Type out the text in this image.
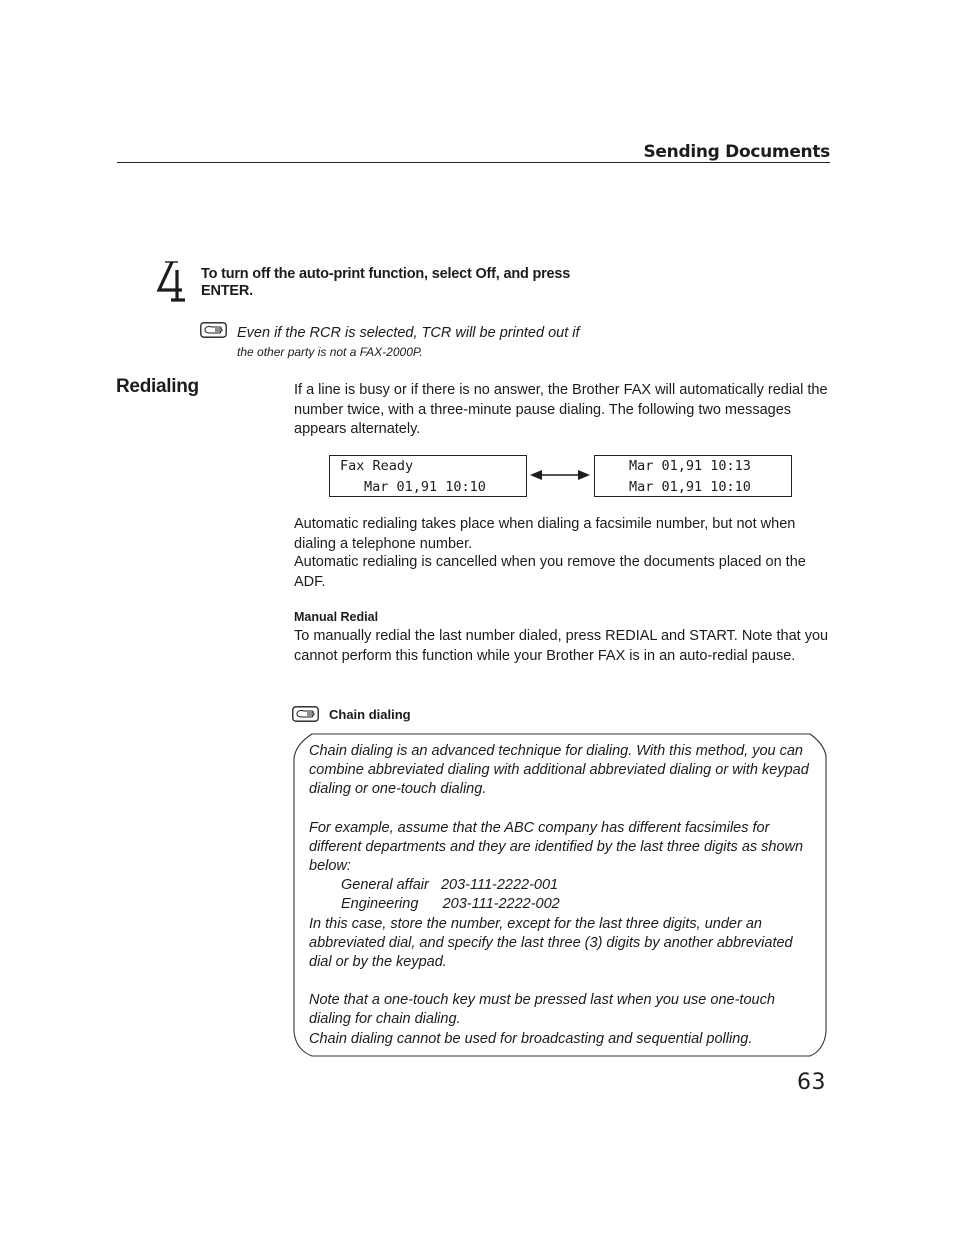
Sending Documents
To turn off the auto-print function, select Off, and press ENTER.
Even if the RCR is selected, TCR will be printed out if
the other party is not a FAX-2000P.
Redialing	If a line is busy or if there is no answer, the Brother FAX will automatically redial the number twice, with a three-minute pause dialing. The following two messages appears alternately.
Fax Ready
Mar 01,91 10:10
Mar 01,91 10:13
Mar 01,91 10:10
Automatic redialing takes place when dialing a facsimile number, but not when dialing a telephone number.
Automatic redialing is cancelled when you remove the documents placed on the ADF.
Manual Redial
To manually redial the last number dialed, press REDIAL and START. Note that you cannot perform this function while your Brother FAX is in an auto-redial pause.
Chain dialing

Chain dialing is an advanced technique for dialing. With this method, you can combine abbreviated dialing with additional abbreviated dialing or with keypad dialing or one-touch dialing.

For example, assume that the ABC company has different facsimiles for different departments and they are identified by the last three digits as shown below:

General affair 203-111-2222-001

Engineering 203-111-2222-002

In this case, store the number, except for the last three digits, under an abbreviated dial, and specify the last three (3) digits by another abbreviated dial or by the keypad.

Note that a one-touch key must be pressed last when you use one-touch dialing for chain dialing.

Chain dialing cannot be used for broadcasting and sequential polling.

63
